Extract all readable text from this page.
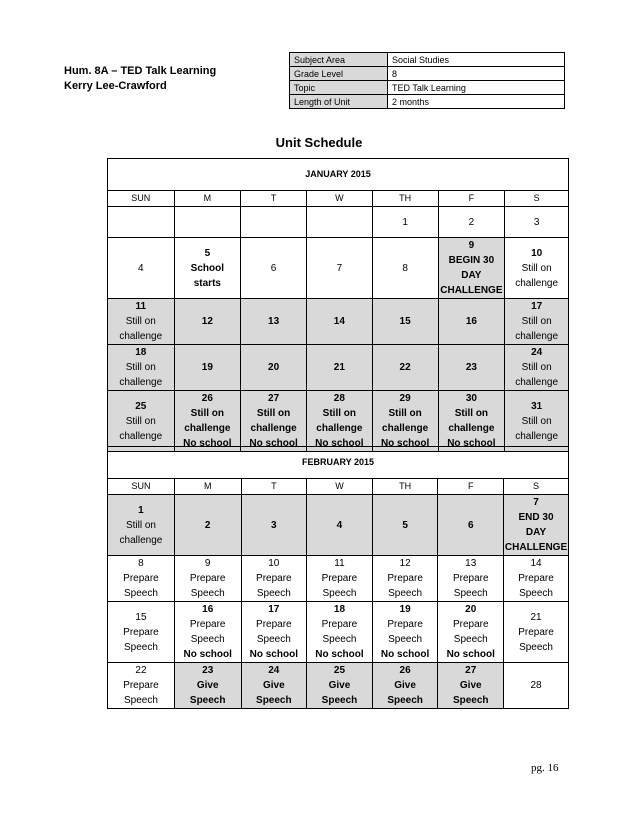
Hum. 8A – TED Talk Learning
Kerry Lee-Crawford
Subject Area	Social Studies
Grade Level	8
Topic	TED Talk Learning
Length of Unit	2 months
Unit Schedule
JANUARY 2015						
SUN	M	T	W	TH	F	S

				1	2	3

4	5
School
starts	6	7	8	9
BEGIN 30
DAY
CHALLENGE	10
Still on
challenge

11
Still on
challenge	12	13	14	15	16	17
Still on
challenge

18
Still on
challenge	19	20	21	22	23	24
Still on
challenge

25
Still on
challenge	26
Still on
challenge
No school	27
Still on
challenge
No school	28
Still on
challenge
No school	29
Still on
challenge
No school	30
Still on
challenge
No school	31
Still on
challenge
FEBRUARY 2015						
SUN	M	T	W	TH	F	S

1
Still on
challenge	2	3	4	5	6	7
END 30
DAY
CHALLENGE

8
Prepare
Speech	9
Prepare
Speech	10
Prepare
Speech	11
Prepare
Speech	12
Prepare
Speech	13
Prepare
Speech	14
Prepare
Speech

15
Prepare
Speech	16
Prepare
Speech
No school	17
Prepare
Speech
No school	18
Prepare
Speech
No school	19
Prepare
Speech
No school	20
Prepare
Speech
No school	21
Prepare
Speech

22
Prepare
Speech	23
Give
Speech	24
Give
Speech	25
Give
Speech	26
Give
Speech	27
Give
Speech	28
pg. 16
